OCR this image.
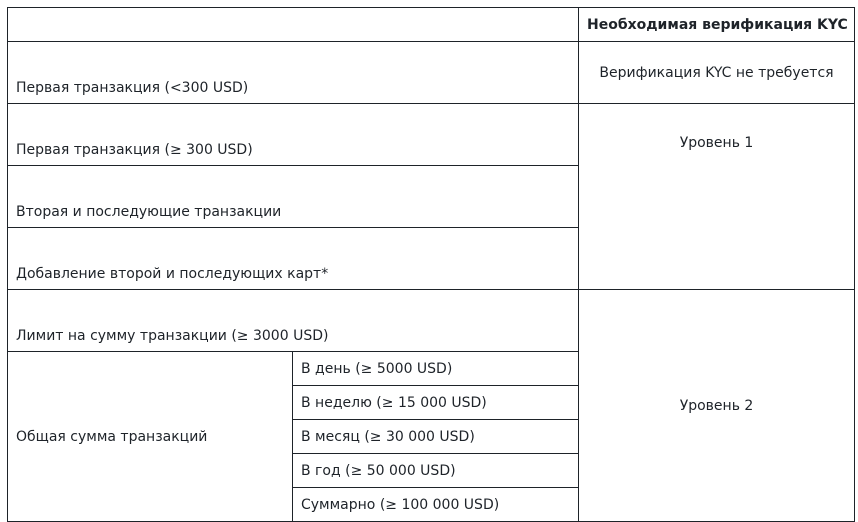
		Необходимая верификация KYC
Первая транзакция (<300 USD)		Верификация KYC не требуется
Первая транзакция (≥ 300 USD)		Уровень 1
Вторая и последующие транзакции		
Добавление второй и последующих карт*		
Лимит на сумму транзакции (≥ 3000 USD)		Уровень 2
Общая сумма транзакций	В день (≥ 5000 USD)	
	В неделю (≥ 15 000 USD)	
	В месяц (≥ 30 000 USD)	
	В год (≥ 50 000 USD)	
	Суммарно (≥ 100 000 USD)	
